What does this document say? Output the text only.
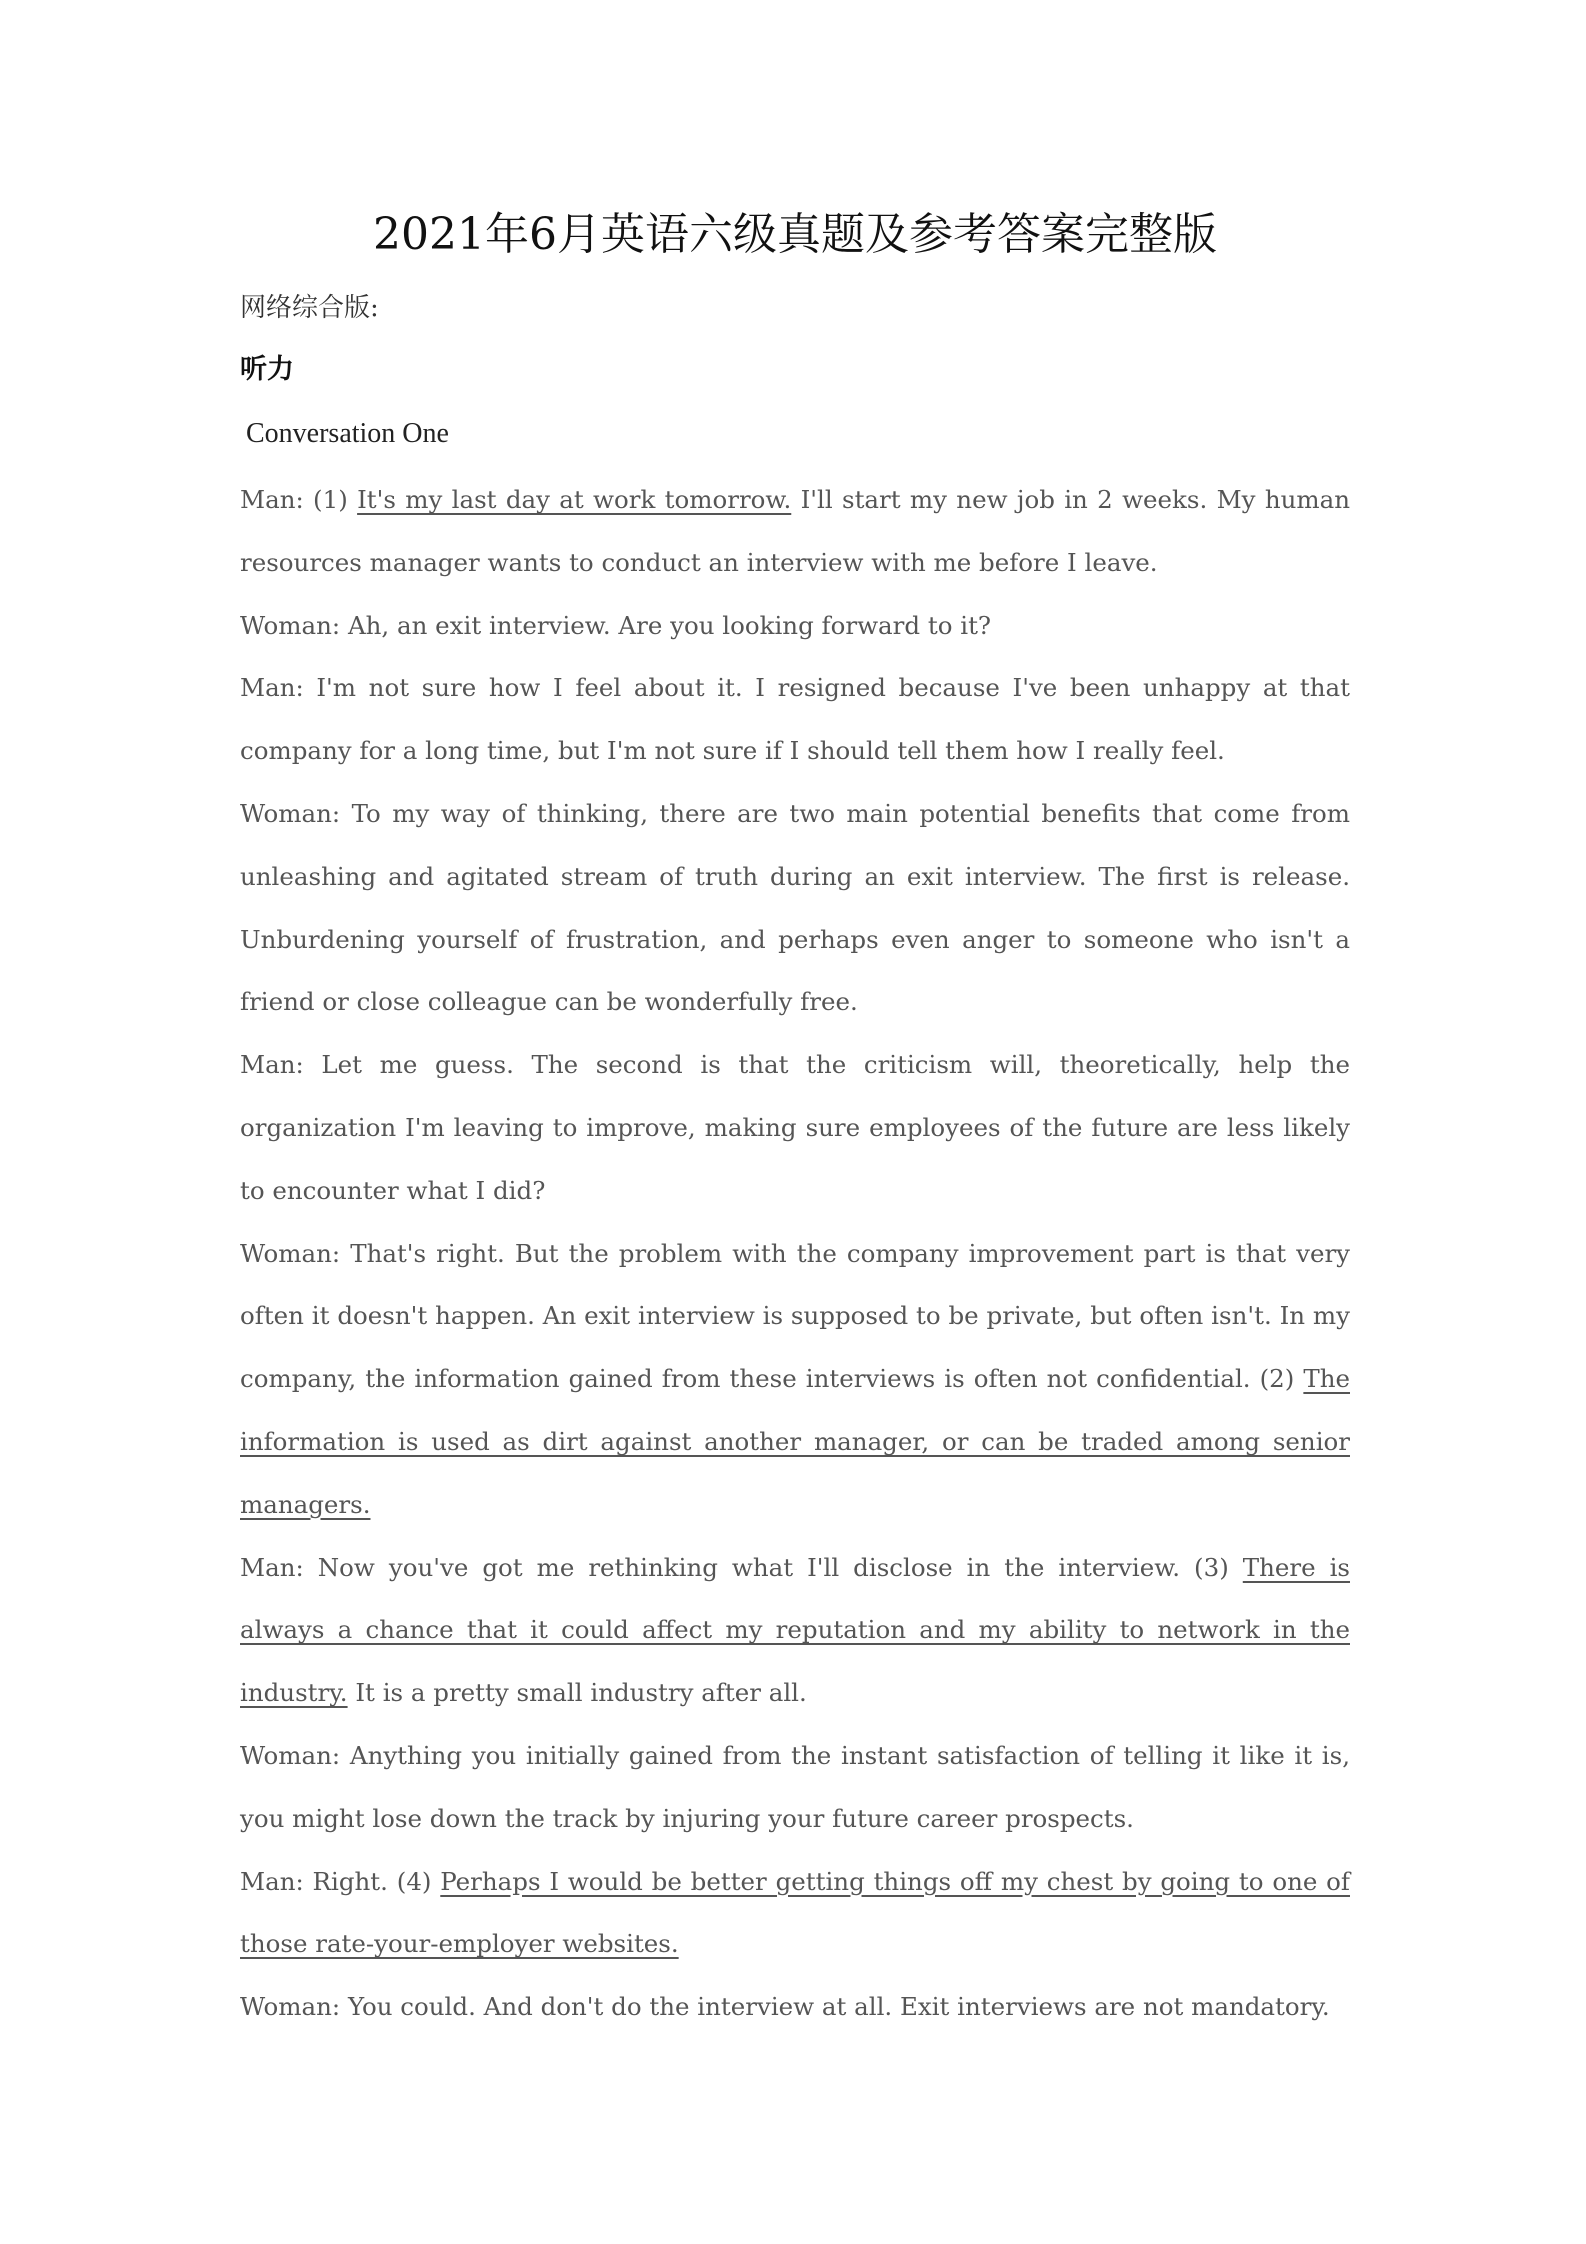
2021年6月英语六级真题及参考答案完整版
网络综合版:
听力
Conversation One

Man: (1) It's my last day at work tomorrow. I'll start my new job in 2 weeks. My human resources manager wants to conduct an interview with me before I leave.

Woman: Ah, an exit interview. Are you looking forward to it?

Man: I'm not sure how I feel about it. I resigned because I've been unhappy at that company for a long time, but I'm not sure if I should tell them how I really feel.

Woman: To my way of thinking, there are two main potential benefits that come from unleashing and agitated stream of truth during an exit interview. The first is release. Unburdening yourself of frustration, and perhaps even anger to someone who isn't a friend or close colleague can be wonderfully free.

Man: Let me guess. The second is that the criticism will, theoretically, help the organization I'm leaving to improve, making sure employees of the future are less likely to encounter what I did?

Woman: That's right. But the problem with the company improvement part is that very often it doesn't happen. An exit interview is supposed to be private, but often isn't. In my company, the information gained from these interviews is often not confidential. (2) The information is used as dirt against another manager, or can be traded among senior managers.

Man: Now you've got me rethinking what I'll disclose in the interview. (3) There is always a chance that it could affect my reputation and my ability to network in the industry. It is a pretty small industry after all.

Woman: Anything you initially gained from the instant satisfaction of telling it like it is, you might lose down the track by injuring your future career prospects.

Man: Right. (4) Perhaps I would be better getting things off my chest by going to one of those rate-your-employer websites.

Woman: You could. And don't do the interview at all. Exit interviews are not mandatory.
